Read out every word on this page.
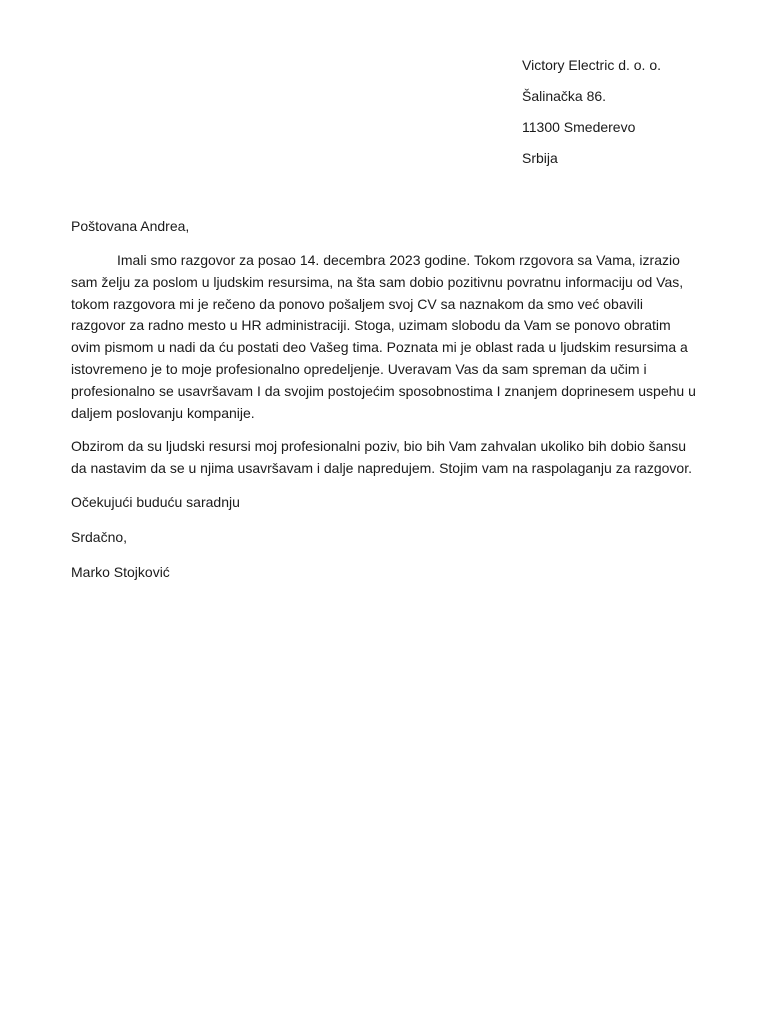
Victory Electric d. o. o.
Šalinačka 86.
11300 Smederevo
Srbija
Poštovana Andrea,

Imali smo razgovor za posao 14. decembra 2023 godine. Tokom rzgovora sa Vama, izrazio sam želju za poslom u ljudskim resursima, na šta sam dobio pozitivnu povratnu informaciju od Vas, tokom razgovora mi je rečeno da ponovo pošaljem svoj CV sa naznakom da smo već obavili razgovor za radno mesto u HR administraciji. Stoga, uzimam slobodu da Vam se ponovo obratim ovim pismom u nadi da ću postati deo Vašeg tima. Poznata mi je oblast rada u ljudskim resursima a istovremeno je to moje profesionalno opredeljenje. Uveravam Vas da sam spreman da učim i profesionalno se usavršavam I da svojim postojećim sposobnostima I znanjem doprinesem uspehu u daljem poslovanju kompanije.

Obzirom da su ljudski resursi moj profesionalni poziv, bio bih Vam zahvalan ukoliko bih dobio šansu da nastavim da se u njima usavršavam i dalje napredujem. Stojim vam na raspolaganju za razgovor.

Očekujući buduću saradnju
Srdačno,
Marko Stojković
